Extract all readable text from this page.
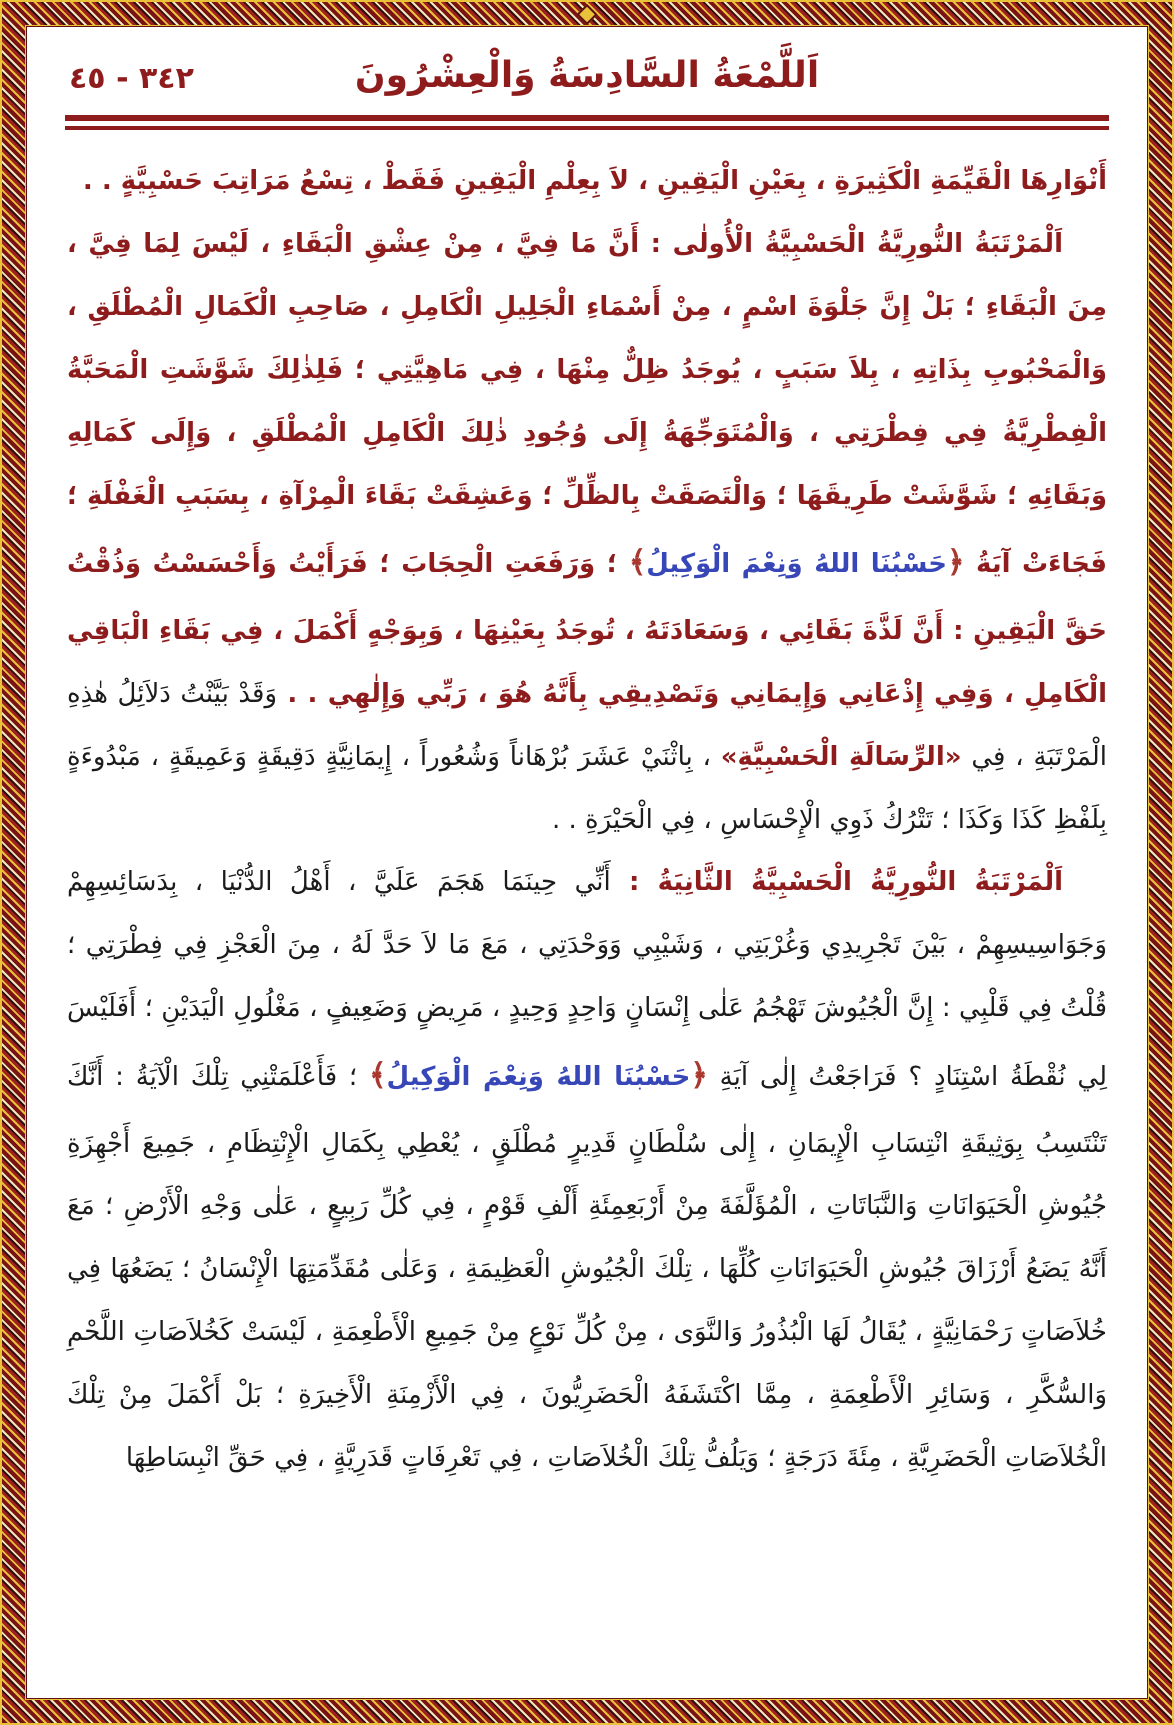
اَللَّمْعَةُ السَّادِسَةُ وَالْعِشْرُونَ
٣٤٢ - ٤٥

أَنْوَارِهَا الْقَيِّمَةِ الْكَثِيرَةِ ، بِعَيْنِ الْيَقِينِ ، لاَ بِعِلْمِ الْيَقِينِ فَقَطْ ، تِسْعُ مَرَاتِبَ حَسْبِيَّةٍ . .

اَلْمَرْتَبَةُ النُّورِيَّةُ الْحَسْبِيَّةُ الْأُولٰى : أَنَّ مَا فِيَّ ، مِنْ عِشْقِ الْبَقَاءِ ، لَيْسَ لِمَا فِيَّ ، مِنَ الْبَقَاءِ ؛ بَلْ إِنَّ جَلْوَةَ اسْمٍ ، مِنْ أَسْمَاءِ الْجَلِيلِ الْكَامِلِ ، صَاحِبِ الْكَمَالِ الْمُطْلَقِ ، وَالْمَحْبُوبِ بِذَاتِهِ ، بِلاَ سَبَبٍ ، يُوجَدُ ظِلٌّ مِنْهَا ، فِي مَاهِيَّتِي ؛ فَلِذٰلِكَ شَوَّشَتِ الْمَحَبَّةُ الْفِطْرِيَّةُ فِي فِطْرَتِي ، وَالْمُتَوَجِّهَةُ إِلَى وُجُودِ ذٰلِكَ الْكَامِلِ الْمُطْلَقِ ، وَإِلَى كَمَالِهِ وَبَقَائِهِ ؛ شَوَّشَتْ طَرِيقَهَا ؛ وَالْتَصَقَتْ بِالظِّلِّ ؛ وَعَشِقَتْ بَقَاءَ الْمِرْآةِ ، بِسَبَبِ الْغَفْلَةِ ؛ فَجَاءَتْ آيَةُ ﴿حَسْبُنَا اللهُ وَنِعْمَ الْوَكِيلُ﴾ ؛ وَرَفَعَتِ الْحِجَابَ ؛ فَرَأَيْتُ وَأَحْسَسْتُ وَذُقْتُ حَقَّ الْيَقِينِ : أَنَّ لَذَّةَ بَقَائِي ، وَسَعَادَتَهُ ، تُوجَدُ بِعَيْنِهَا ، وَبِوَجْهٍ أَكْمَلَ ، فِي بَقَاءِ الْبَاقِي الْكَامِلِ ، وَفِي إِذْعَانِي وَإِيمَانِي وَتَصْدِيقِي بِأَنَّهُ هُوَ ، رَبِّي وَإِلٰهِي . . وَقَدْ بَيَّنْتُ دَلاَئِلُ هٰذِهِ الْمَرْتَبَةِ ، فِي «الرِّسَالَةِ الْحَسْبِيَّةِ» ، بِاثْنَيْ عَشَرَ بُرْهَاناً وَشُعُوراً ، إِيمَانِيَّةٍ دَقِيقَةٍ وَعَمِيقَةٍ ، مَبْدُوءَةٍ بِلَفْظِ كَذَا وَكَذَا ؛ تَتْرُكُ ذَوِي الْإِحْسَاسِ ، فِي الْحَيْرَةِ . .

اَلْمَرْتَبَةُ النُّورِيَّةُ الْحَسْبِيَّةُ الثَّانِيَةُ : أَنِّي حِينَمَا هَجَمَ عَلَيَّ ، أَهْلُ الدُّنْيَا ، بِدَسَائِسِهِمْ وَجَوَاسِيسِهِمْ ، بَيْنَ تَجْرِيدِي وَغُرْبَتِي ، وَشَيْبِي وَوَحْدَتِي ، مَعَ مَا لاَ حَدَّ لَهُ ، مِنَ الْعَجْزِ فِي فِطْرَتِي ؛ قُلْتُ فِي قَلْبِي : إِنَّ الْجُيُوشَ تَهْجُمُ عَلٰى إِنْسَانٍ وَاحِدٍ وَحِيدٍ ، مَرِيضٍ وَضَعِيفٍ ، مَغْلُولِ الْيَدَيْنِ ؛ أَفَلَيْسَ لِي نُقْطَةُ اسْتِنَادٍ ؟ فَرَاجَعْتُ إِلٰى آيَةِ ﴿حَسْبُنَا اللهُ وَنِعْمَ الْوَكِيلُ﴾ ؛ فَأَعْلَمَتْنِي تِلْكَ الْآيَةُ : أَنَّكَ تَنْتَسِبُ بِوَثِيقَةِ انْتِسَابِ الْإِيمَانِ ، إِلٰى سُلْطَانٍ قَدِيرٍ مُطْلَقٍ ، يُعْطِي بِكَمَالِ الْإِنْتِظَامِ ، جَمِيعَ أَجْهِزَةِ جُيُوشِ الْحَيَوَانَاتِ وَالنَّبَاتَاتِ ، الْمُؤَلَّفَةَ مِنْ أَرْبَعِمِئَةِ أَلْفِ قَوْمٍ ، فِي كُلِّ رَبِيعٍ ، عَلٰى وَجْهِ الْأَرْضِ ؛ مَعَ أَنَّهُ يَضَعُ أَرْزَاقَ جُيُوشِ الْحَيَوَانَاتِ كُلِّهَا ، تِلْكَ الْجُيُوشِ الْعَظِيمَةِ ، وَعَلٰى مُقَدِّمَتِهَا الْإِنْسَانُ ؛ يَضَعُهَا فِي خُلاَصَاتٍ رَحْمَانِيَّةٍ ، يُقَالُ لَهَا الْبُذُورُ وَالنَّوَى ، مِنْ كُلِّ نَوْعٍ مِنْ جَمِيعِ الْأَطْعِمَةِ ، لَيْسَتْ كَخُلاَصَاتِ اللَّحْمِ وَالسُّكَّرِ ، وَسَائِرِ الْأَطْعِمَةِ ، مِمَّا اكْتَشَفَهُ الْحَضَرِيُّونَ ، فِي الْأَزْمِنَةِ الْأَخِيرَةِ ؛ بَلْ أَكْمَلَ مِنْ تِلْكَ الْخُلاَصَاتِ الْحَضَرِيَّةِ ، مِئَةَ دَرَجَةٍ ؛ وَيَلُفُّ تِلْكَ الْخُلاَصَاتِ ، فِي تَعْرِفَاتٍ قَدَرِيَّةٍ ، فِي حَقِّ انْبِسَاطِهَا
